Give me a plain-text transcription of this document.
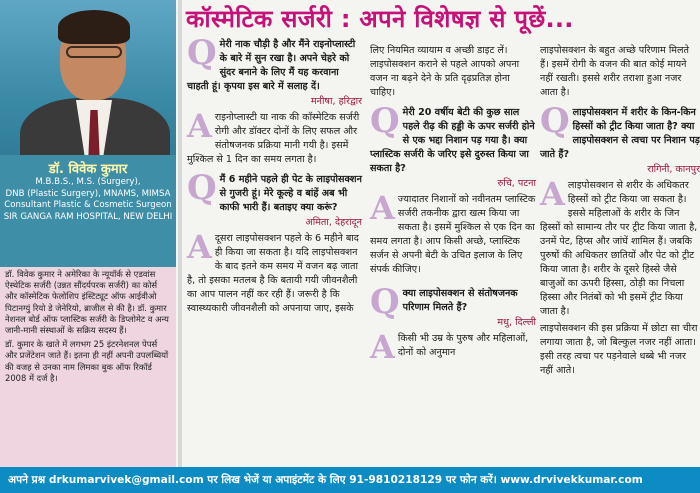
डॉ. विवेक कुमार
M.B.B.S., M.S. (Surgery),
DNB (Plastic Surgery), MNAMS, MIMSA
Consultant Plastic & Cosmetic Surgeon
SIR GANGA RAM HOSPITAL, NEW DELHI

डॉ. विवेक कुमार ने अमेरिका के न्यूयॉर्क से एडवांस ऐस्थेटिक सर्जरी (उन्नत सौंदर्यपरक सर्जरी) का कोर्स और कॉस्मेटिक फेलोशिप इंस्टिट्यूट ऑफ आईवीओ पिटानग्युं रियो डे जेनेरियो, ब्राजील से की है। डॉ. कुमार नेशनल बोर्ड ऑफ प्लास्टिक सर्जरी के डिप्लोमेट व अन्य जानी-मानी संस्थाओं के सक्रिय सदस्य हैं।

डॉ. कुमार के खाते में लगभग 25 इंटरनेशनल पेपर्स और प्रजेंटेशन जाते हैं। इतना ही नहीं अपनी उपलब्धियों की वजह से उनका नाम लिमका बुक ऑफ रिकॉर्ड 2008 में दर्ज है।

कॉस्मेटिक सर्जरी : अपने विशेषज्ञ से पूछें...

Qमेरी नाक चौड़ी है और मैंने राइनोप्लास्टी के बारे में सुन रखा है। अपने चेहरे को सुंदर बनाने के लिए मैं यह करवाना चाहती हूं। कृपया इस बारे में सलाह दें।

मनीषा, हरिद्वार

Aराइनोप्लास्टी या नाक की कॉस्मेटिक सर्जरी रोगी और डॉक्टर दोनों के लिए सफल और संतोषजनक प्रक्रिया मानी गयी है। इसमें मुश्किल से 1 दिन का समय लगता है।

Qमैं 6 महीने पहले ही पेट के लाइपोसक्शन से गुजरी हूं। मेरे कूल्हे व बांहें अब भी काफी भारी हैं। बताइए क्या करूं?

अमिता, देहरादून

Aदूसरा लाइपोसक्शन पहले के 6 महीने बाद ही किया जा सकता है। यदि लाइपोसक्शन के बाद इतने कम समय में वजन बढ़ जाता है, तो इसका मतलब है कि बतायी गयी जीवनशैली का आप पालन नहीं कर रही हैं। जरूरी है कि स्वास्थ्यकारी जीवनशैली को अपनाया जाए, इसके

लिए नियमित व्यायाम व अच्छी डाइट लें। लाइपोसक्शन कराने से पहले आपको अपना वजन ना बढ़ने देने के प्रति दृढ़प्रतिज्ञ होना चाहिए।

Qमेरी 20 वर्षीय बेटी की कुछ साल पहले रीढ़ की हड्डी के ऊपर सर्जरी होने से एक भद्दा निशान पड़ गया है। क्या प्लास्टिक सर्जरी के जरिए इसे दुरुस्त किया जा सकता है?

रुचि, पटना

Aज्यादातर निशानों को नवीनतम प्लास्टिक सर्जरी तकनीक द्वारा खत्म किया जा सकता है। इसमें मुश्किल से एक दिन का समय लगता है। आप किसी अच्छे, प्लास्टिक सर्जन से अपनी बेटी के उचित इलाज के लिए संपर्क कीजिए।

Qक्या लाइपोसक्शन से संतोषजनक परिणाम मिलते हैं?

मधु, दिल्ली

Aकिसी भी उम्र के पुरुष और महिलाओं, दोनों को अनुमान

लाइपोसक्शन के बहुत अच्छे परिणाम मिलते हैं। इसमें रोगी के वजन की बात कोई मायने नहीं रखती। इससे शरीर तराशा हुआ नजर आता है।

Qलाइपोसक्शन में शरीर के किन-किन हिस्सों को ट्रीट किया जाता है? क्या लाइपोसक्शन से त्वचा पर निशान पड़ जाते हैं?

रागिनी, कानपुर

Aलाइपोसक्शन से शरीर के अधिकतर हिस्सों को ट्रीट किया जा सकता है। इससे महिलाओं के शरीर के जिन हिस्सों को सामान्य तौर पर ट्रीट किया जाता है, उनमें पेट, हिप्स और जांघें शामिल हैं। जबकि पुरुषों की अधिकतर छातियों और पेट को ट्रीट किया जाता है। शरीर के दूसरे हिस्से जैसे बाजुओं का ऊपरी हिस्सा, ठोड़ी का निचला हिस्सा और नितंबों को भी इसमें ट्रीट किया जाता है।

लाइपोसक्शन की इस प्रक्रिया में छोटा सा चीरा लगाया जाता है, जो बिल्कुल नजर नहीं आता। इसी तरह त्वचा पर पड़नेवाले धब्बे भी नजर नहीं आते।

अपने प्रश्न drkumarvivek@gmail.com पर लिख भेजें या अपाइंटमेंट के लिए 91-9810218129 पर फोन करें। www.drvivekkumar.com
